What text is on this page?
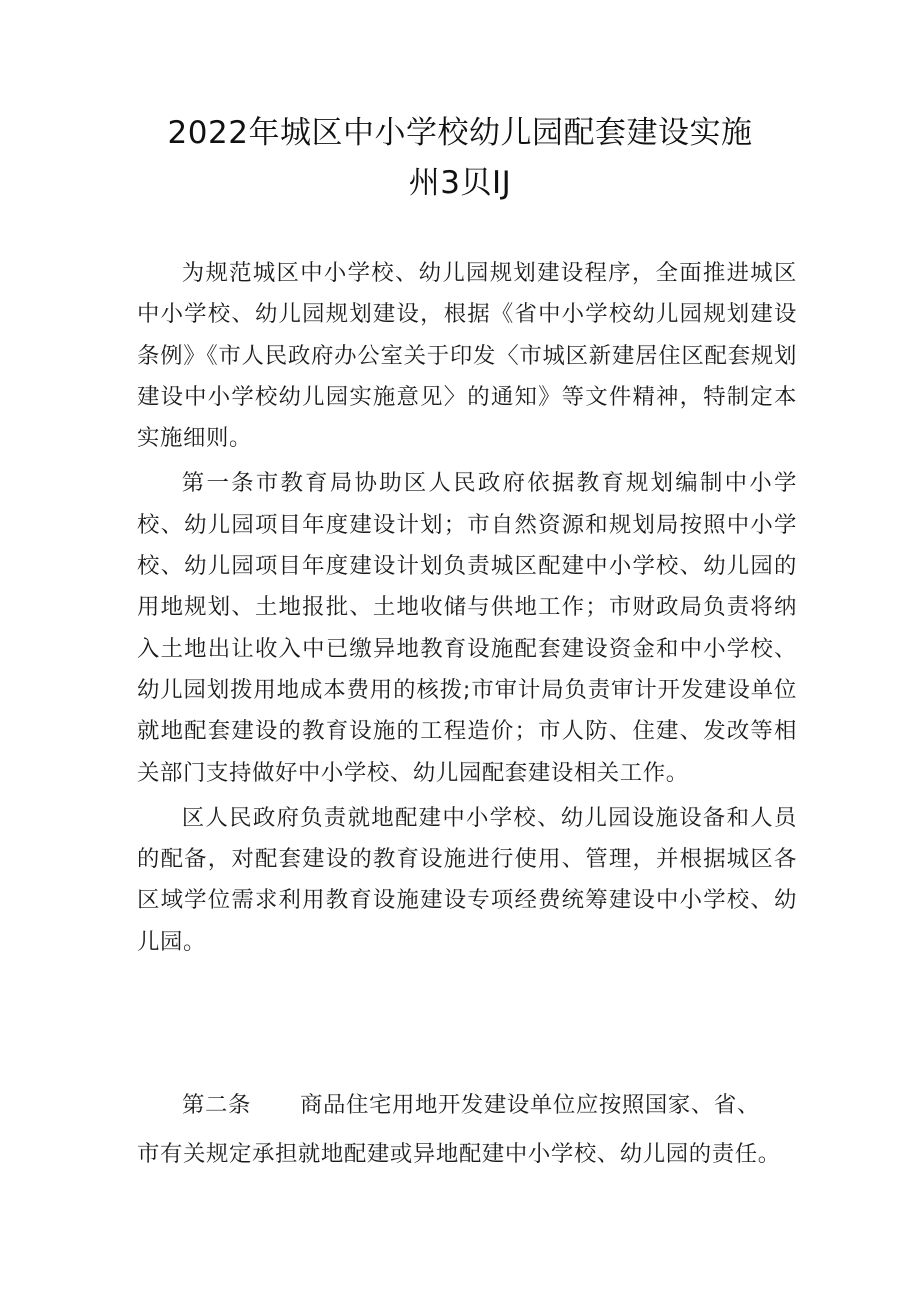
2022年城区中小学校幼儿园配套建设实施
州3贝IJ

为规范城区中小学校、幼儿园规划建设程序，全面推进城区中小学校、幼儿园规划建设，根据《省中小学校幼儿园规划建设条例》《市人民政府办公室关于印发〈市城区新建居住区配套规划建设中小学校幼儿园实施意见〉的通知》等文件精神，特制定本实施细则。

第一条市教育局协助区人民政府依据教育规划编制中小学校、幼儿园项目年度建设计划；市自然资源和规划局按照中小学校、幼儿园项目年度建设计划负责城区配建中小学校、幼儿园的用地规划、土地报批、土地收储与供地工作；市财政局负责将纳入土地出让收入中已缴异地教育设施配套建设资金和中小学校、幼儿园划拨用地成本费用的核拨;市审计局负责审计开发建设单位就地配套建设的教育设施的工程造价；市人防、住建、发改等相关部门支持做好中小学校、幼儿园配套建设相关工作。

区人民政府负责就地配建中小学校、幼儿园设施设备和人员的配备，对配套建设的教育设施进行使用、管理，并根据城区各区域学位需求利用教育设施建设专项经费统筹建设中小学校、幼儿园。

第二条 商品住宅用地开发建设单位应按照国家、省、
市有关规定承担就地配建或异地配建中小学校、幼儿园的责任。
